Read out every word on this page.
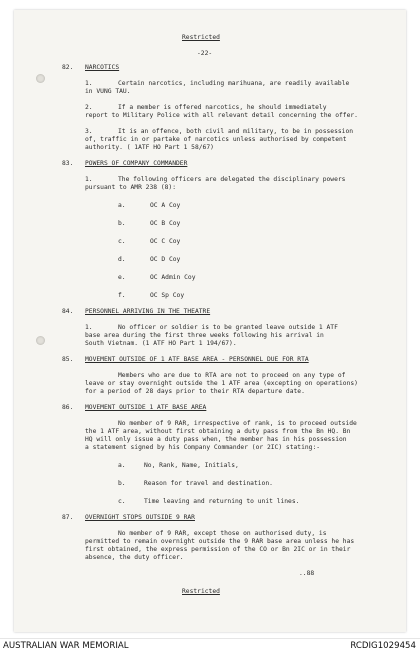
Restricted
-22-
82. NARCOTICS
1.	Certain narcotics, including marihuana, are readily available
in VUNG TAU.
2.	If a member is offered narcotics, he should immediately
report to Military Police with all relevant detail concerning the offer.
3.	It is an offence, both civil and military, to be in possession
of, traffic in or partake of narcotics unless authorised by competent
authority. ( 1ATF HO Part 1 58/67)
83. POWERS OF COMPANY COMMANDER
1.	The following officers are delegated the disciplinary powers
pursuant to AMR 238 (8):
a.	OC A Coy
b.	OC B Coy
c.	OC C Coy
d.	OC D Coy
e.	OC Admin Coy
f.	OC Sp Coy
84. PERSONNEL ARRIVING IN THE THEATRE
1.	No officer or soldier is to be granted leave outside 1 ATF
base area during the first three weeks following his arrival in
South Vietnam. (1 ATF HO Part 1 194/67).
85. MOVEMENT OUTSIDE OF 1 ATF BASE AREA - PERSONNEL DUE FOR RTA
Members who are due to RTA are not to proceed on any type of
leave or stay overnight outside the 1 ATF area (excepting on operations)
for a period of 28 days prior to their RTA departure date.
86. MOVEMENT OUTSIDE 1 ATF BASE AREA
No member of 9 RAR, irrespective of rank, is to proceed outside
the 1 ATF area, without first obtaining a duty pass from the Bn HQ. Bn
HQ will only issue a duty pass when, the member has in his possession
a statement signed by his Company Commander (or 2IC) stating:-
a.	No, Rank, Name, Initials,
b.	Reason for travel and destination.
c.	Time leaving and returning to unit lines.
87. OVERNIGHT STOPS OUTSIDE 9 RAR
No member of 9 RAR, except those on authorised duty, is
permitted to remain overnight outside the 9 RAR base area unless he has
first obtained, the express permission of the CO or Bn 2IC or in their
absence, the duty officer.
..88
Restricted
AUSTRALIAN WAR MEMORIAL	RCDIG1029454
